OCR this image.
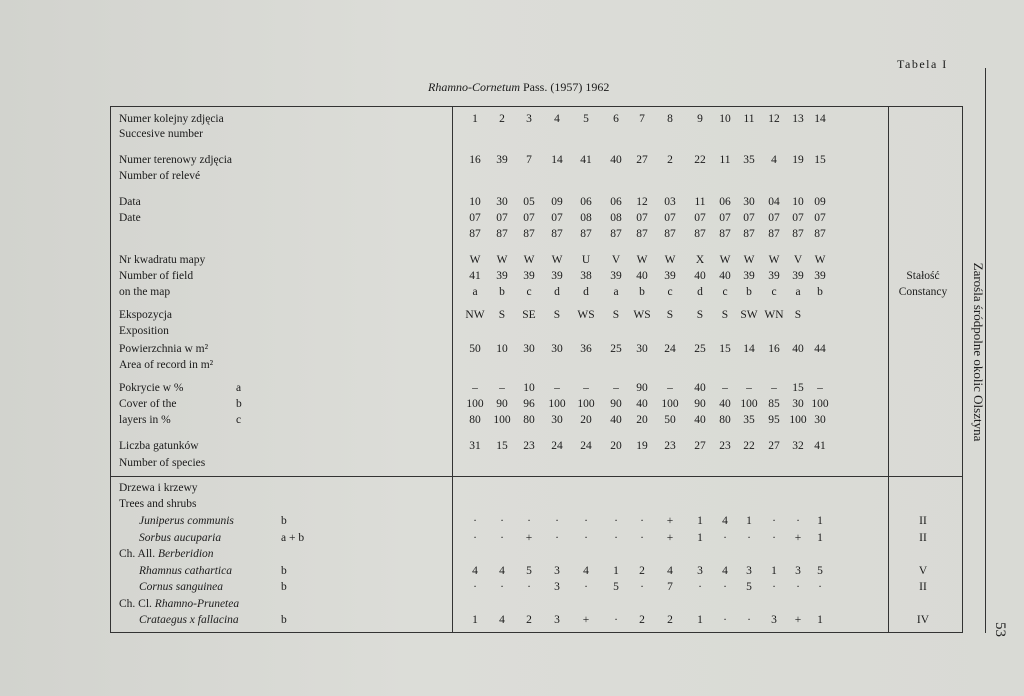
Tabela I
Rhamno-Cornetum Pass. (1957) 1962
Zarośla śródpolne okolic Olsztyna
53
Numer kolejny zdjęcia
Succesive number
1 2 3 4 5 6 7 8 9 10 11 12 13 14
Numer terenowy zdjęcia
Number of relevé
16 39 7 14 41 40 27 2 22 11 35 4 19 15
Data
Date
10 30 05 09 06 06 12 03 11 06 30 04 10 09
07 07 07 07 08 08 07 07 07 07 07 07 07 07
87 87 87 87 87 87 87 87 87 87 87 87 87 87
Nr kwadratu mapy
Number of field
on the map
W W W W U V W W X W W W V W
41 39 39 39 38 39 40 39 40 40 39 39 39 39
a b c d d a b c d c b c a b
Ekspozycja
Exposition
NW S SE S WS S WS S S S SW WN S
Powierzchnia w m²
Area of record in m²
50 10 30 30 36 25 30 24 25 15 14 16 40 44
Pokrycie w %
Cover of the
layers in %
a
b
c
– – 10 – – – 90 – 40 – – – 15 –
100 90 96 100 100 90 40 100 90 40 100 85 30 100
80 100 80 30 20 40 20 50 40 80 35 95 100 30
Liczba gatunków
Number of species
31 15 23 24 24 20 19 23 27 23 22 27 32 41
Stałość
Constancy
Drzewa i krzewy
Trees and shrubs
Juniperus communis	b	· · · · · · · + 1 4 1 · · 1	II
Sorbus aucuparia	a + b	· · + · · · · + 1 · · · + 1	II
Ch. All. Berberidion
Rhamnus cathartica	b	4 4 5 3 4 1 2 4 3 4 3 1 3 5	V
Cornus sanguinea	b	· · · 3 · 5 · 7 · · 5 · · ·	II
Ch. Cl. Rhamno-Prunetea
Crataegus x fallacina	b	1 4 2 3 + · 2 2 1 · · 3 + 1	IV
